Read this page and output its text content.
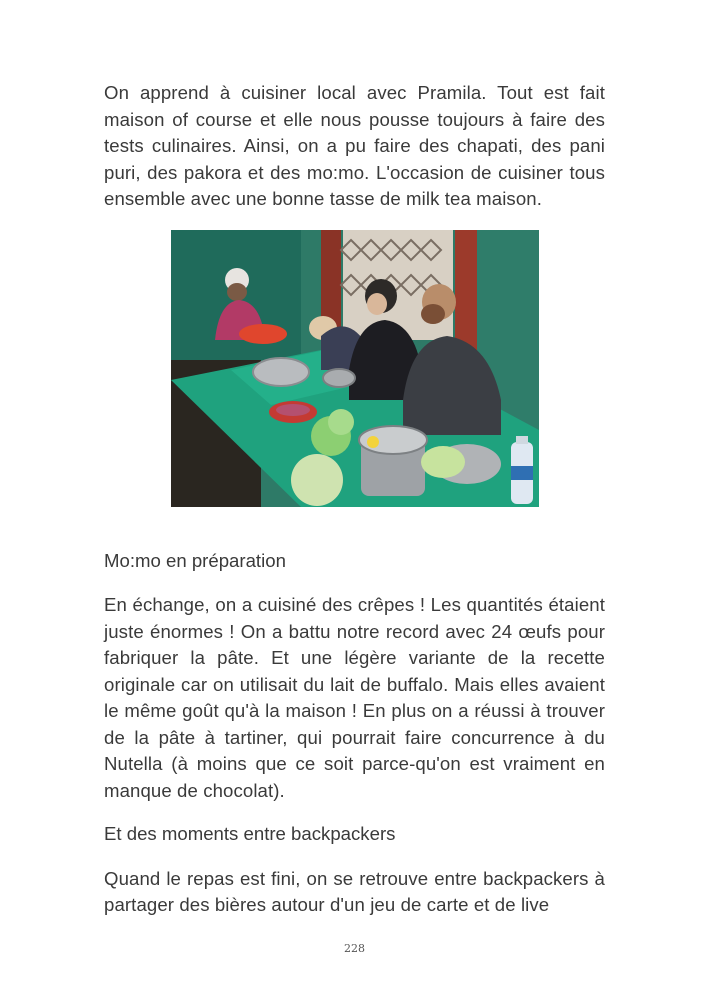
On apprend à cuisiner local avec Pramila. Tout est fait maison of course et elle nous pousse toujours à faire des tests culinaires. Ainsi, on a pu faire des chapati, des pani puri, des pakora et des mo:mo. L'occasion de cuisiner tous ensemble avec une bonne tasse de milk tea maison.

Mo:mo en préparation

En échange, on a cuisiné des crêpes ! Les quantités étaient juste énormes ! On a battu notre record avec 24 œufs pour fabriquer la pâte. Et une légère variante de la recette originale car on utilisait du lait de buffalo. Mais elles avaient le même goût qu'à la maison ! En plus on a réussi à trouver de la pâte à tartiner, qui pourrait faire concurrence à du Nutella (à moins que ce soit parce-qu'on est vraiment en manque de chocolat).

Et des moments entre backpackers

Quand le repas est fini, on se retrouve entre backpackers à partager des bières autour d'un jeu de carte et de live

228
